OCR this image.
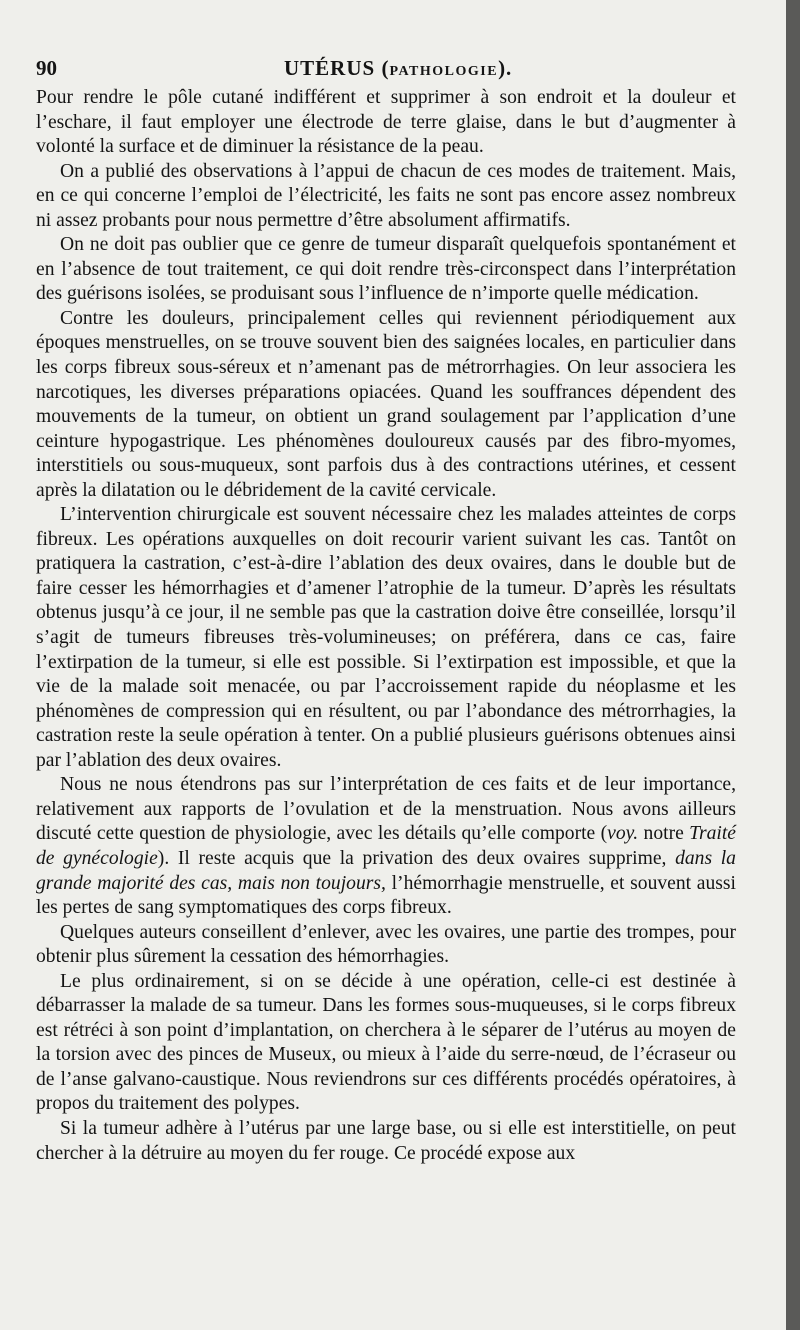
90	UTÉRUS (PATHOLOGIE).

Pour rendre le pôle cutané indifférent et supprimer à son endroit et la douleur et l’eschare, il faut employer une électrode de terre glaise, dans le but d’augmenter à volonté la surface et de diminuer la résistance de la peau.

On a publié des observations à l’appui de chacun de ces modes de traitement. Mais, en ce qui concerne l’emploi de l’électricité, les faits ne sont pas encore assez nombreux ni assez probants pour nous permettre d’être absolument affirmatifs.

On ne doit pas oublier que ce genre de tumeur disparaît quelquefois spontanément et en l’absence de tout traitement, ce qui doit rendre très-circonspect dans l’interprétation des guérisons isolées, se produisant sous l’influence de n’importe quelle médication.

Contre les douleurs, principalement celles qui reviennent périodiquement aux époques menstruelles, on se trouve souvent bien des saignées locales, en particulier dans les corps fibreux sous-séreux et n’amenant pas de métrorrhagies. On leur associera les narcotiques, les diverses préparations opiacées. Quand les souffrances dépendent des mouvements de la tumeur, on obtient un grand soulagement par l’application d’une ceinture hypogastrique. Les phénomènes douloureux causés par des fibro-myomes, interstitiels ou sous-muqueux, sont parfois dus à des contractions utérines, et cessent après la dilatation ou le débridement de la cavité cervicale.

L’intervention chirurgicale est souvent nécessaire chez les malades atteintes de corps fibreux. Les opérations auxquelles on doit recourir varient suivant les cas. Tantôt on pratiquera la castration, c’est-à-dire l’ablation des deux ovaires, dans le double but de faire cesser les hémorrhagies et d’amener l’atrophie de la tumeur. D’après les résultats obtenus jusqu’à ce jour, il ne semble pas que la castration doive être conseillée, lorsqu’il s’agit de tumeurs fibreuses très-volumineuses; on préférera, dans ce cas, faire l’extirpation de la tumeur, si elle est possible. Si l’extirpation est impossible, et que la vie de la malade soit menacée, ou par l’accroissement rapide du néoplasme et les phénomènes de compression qui en résultent, ou par l’abondance des métrorrhagies, la castration reste la seule opération à tenter. On a publié plusieurs guérisons obtenues ainsi par l’ablation des deux ovaires.

Nous ne nous étendrons pas sur l’interprétation de ces faits et de leur importance, relativement aux rapports de l’ovulation et de la menstruation. Nous avons ailleurs discuté cette question de physiologie, avec les détails qu’elle comporte (voy. notre Traité de gynécologie). Il reste acquis que la privation des deux ovaires supprime, dans la grande majorité des cas, mais non toujours, l’hémorrhagie menstruelle, et souvent aussi les pertes de sang symptomatiques des corps fibreux.

Quelques auteurs conseillent d’enlever, avec les ovaires, une partie des trompes, pour obtenir plus sûrement la cessation des hémorrhagies.

Le plus ordinairement, si on se décide à une opération, celle-ci est destinée à débarrasser la malade de sa tumeur. Dans les formes sous-muqueuses, si le corps fibreux est rétréci à son point d’implantation, on cherchera à le séparer de l’utérus au moyen de la torsion avec des pinces de Museux, ou mieux à l’aide du serre-nœud, de l’écraseur ou de l’anse galvano-caustique. Nous reviendrons sur ces différents procédés opératoires, à propos du traitement des polypes.

Si la tumeur adhère à l’utérus par une large base, ou si elle est interstitielle, on peut chercher à la détruire au moyen du fer rouge. Ce procédé expose aux
